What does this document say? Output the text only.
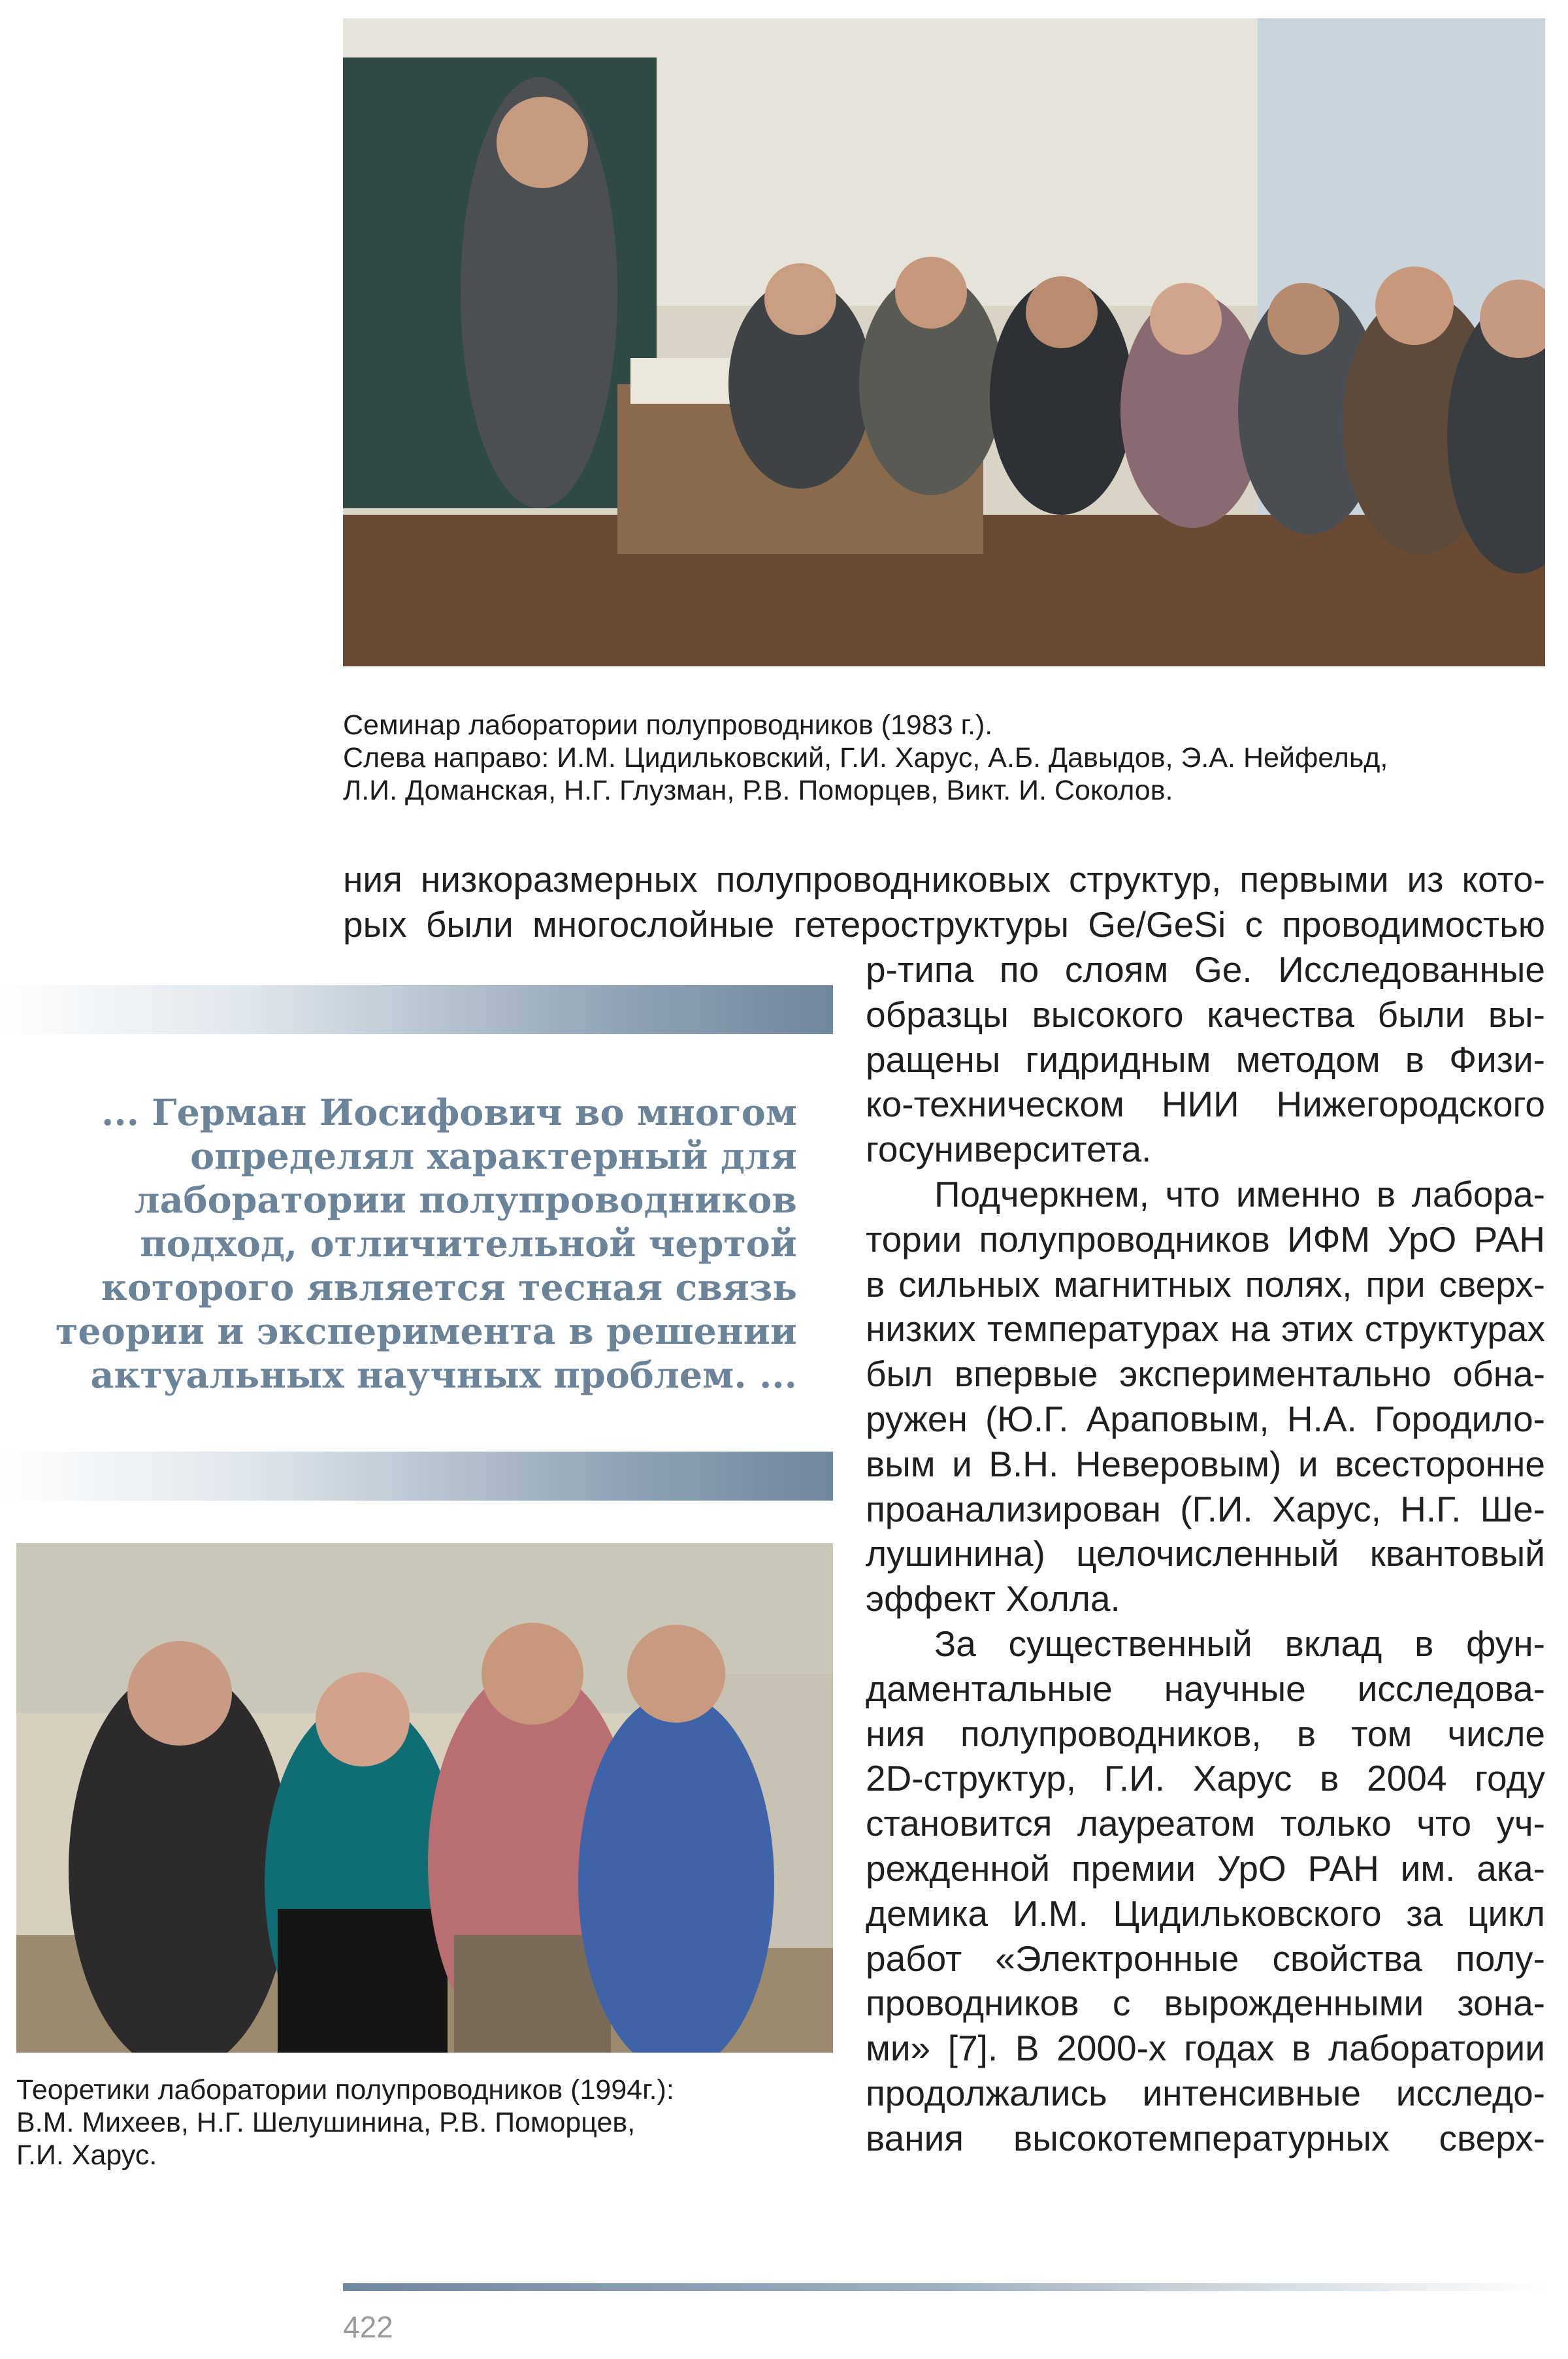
Семинар лаборатории полупроводников (1983 г.).
Слева направо: И.М. Цидильковский, Г.И. Харус, А.Б. Давыдов, Э.А. Нейфельд,
Л.И. Доманская, Н.Г. Глузман, Р.В. Поморцев, Викт. И. Соколов.
ния низкоразмерных полупроводниковых структур, первыми из кото-
рых были многослойные гетероструктуры Ge/GeSi с проводимостью
p-типа по слоям Ge. Исследованные
образцы высокого качества были вы-
ращены гидридным методом в Физи-
ко-техническом НИИ Нижегородского
госуниверситета.
Подчеркнем, что именно в лабора-
тории полупроводников ИФМ УрО РАН
в сильных магнитных полях, при сверх-
низких температурах на этих структурах
был впервые экспериментально обна-
ружен (Ю.Г. Араповым, Н.А. Городило-
вым и В.Н. Неверовым) и всесторонне
проанализирован (Г.И. Харус, Н.Г. Ше-
лушинина) целочисленный квантовый
эффект Холла.
За существенный вклад в фун-
даментальные научные исследова-
ния полупроводников, в том числе
2D-структур, Г.И. Харус в 2004 году
становится лауреатом только что уч-
режденной премии УрО РАН им. ака-
демика И.М. Цидильковского за цикл
работ «Электронные свойства полу-
проводников с вырожденными зона-
ми» [7]. В 2000-х годах в лаборатории
продолжались интенсивные исследо-
вания высокотемпературных сверх-
... Герман Иосифович во многом
определял характерный для
лаборатории полупроводников
подход, отличительной чертой
которого является тесная связь
теории и эксперимента в решении
актуальных научных проблем. ...
Теоретики лаборатории полупроводников (1994г.):
В.М. Михеев, Н.Г. Шелушинина, Р.В. Поморцев,
Г.И. Харус.
422
